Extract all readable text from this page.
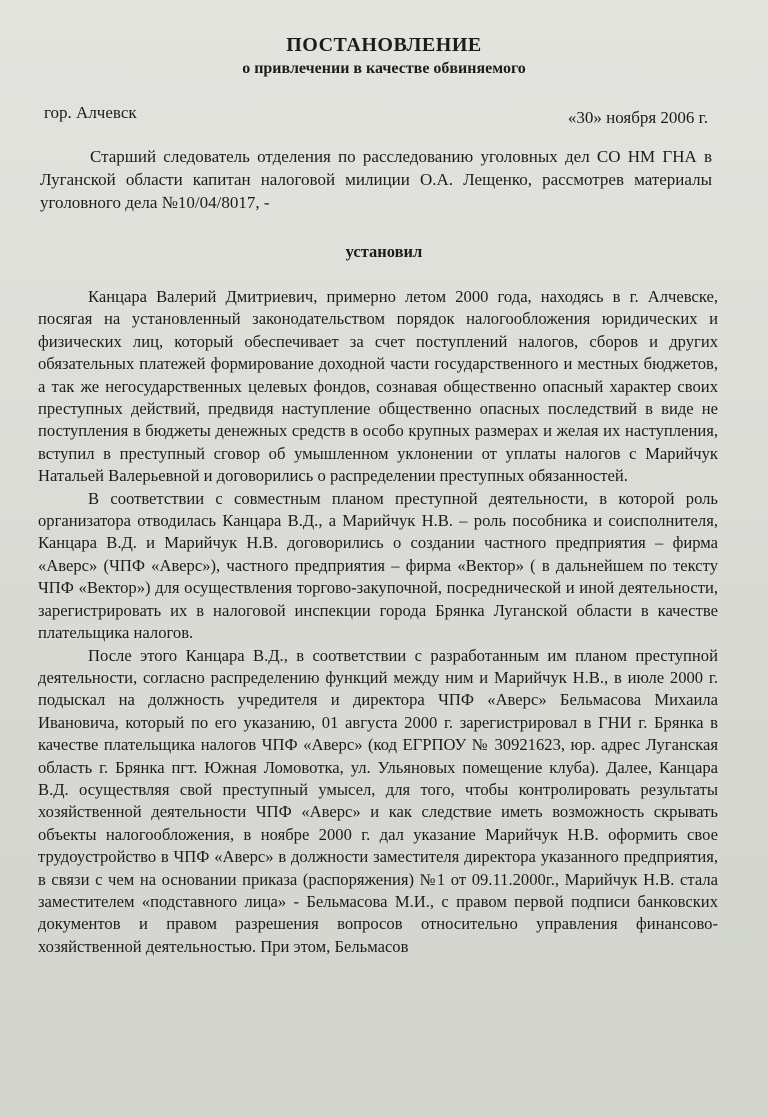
ПОСТАНОВЛЕНИЕ
о привлечении в качестве обвиняемого
гор. Алчевск	«30» ноября 2006 г.

Старший следователь отделения по расследованию уголовных дел СО НМ ГНА в Луганской области капитан налоговой милиции О.А. Лещенко, рассмотрев материалы уголовного дела №10/04/8017, -

установил

Канцара Валерий Дмитриевич, примерно летом 2000 года, находясь в г. Алчевске, посягая на установленный законодательством порядок налогообложения юридических и физических лиц, который обеспечивает за счет поступлений налогов, сборов и других обязательных платежей формирование доходной части государственного и местных бюджетов, а так же негосударственных целевых фондов, сознавая общественно опасный характер своих преступных действий, предвидя наступление общественно опасных последствий в виде не поступления в бюджеты денежных средств в особо крупных размерах и желая их наступления, вступил в преступный сговор об умышленном уклонении от уплаты налогов с Марийчук Натальей Валерьевной и договорились о распределении преступных обязанностей.

В соответствии с совместным планом преступной деятельности, в которой роль организатора отводилась Канцара В.Д., а Марийчук Н.В. – роль пособника и соисполнителя, Канцара В.Д. и Марийчук Н.В. договорились о создании частного предприятия – фирма «Аверс» (ЧПФ «Аверс»), частного предприятия – фирма «Вектор» ( в дальнейшем по тексту ЧПФ «Вектор») для осуществления торгово-закупочной, посреднической и иной деятельности, зарегистрировать их в налоговой инспекции города Брянка Луганской области в качестве плательщика налогов.

После этого Канцара В.Д., в соответствии с разработанным им планом преступной деятельности, согласно распределению функций между ним и Марийчук Н.В., в июле 2000 г. подыскал на должность учредителя и директора ЧПФ «Аверс» Бельмасова Михаила Ивановича, который по его указанию, 01 августа 2000 г. зарегистрировал в ГНИ г. Брянка в качестве плательщика налогов ЧПФ «Аверс» (код ЕГРПОУ № 30921623, юр. адрес Луганская область г. Брянка пгт. Южная Ломовотка, ул. Ульяновых помещение клуба). Далее, Канцара В.Д. осуществляя свой преступный умысел, для того, чтобы контролировать результаты хозяйственной деятельности ЧПФ «Аверс» и как следствие иметь возможность скрывать объекты налогообложения, в ноябре 2000 г. дал указание Марийчук Н.В. оформить свое трудоустройство в ЧПФ «Аверс» в должности заместителя директора указанного предприятия, в связи с чем на основании приказа (распоряжения) №1 от 09.11.2000г., Марийчук Н.В. стала заместителем «подставного лица» - Бельмасова М.И., с правом первой подписи банковских документов и правом разрешения вопросов относительно управления финансово-хозяйственной деятельностью. При этом, Бельмасов
